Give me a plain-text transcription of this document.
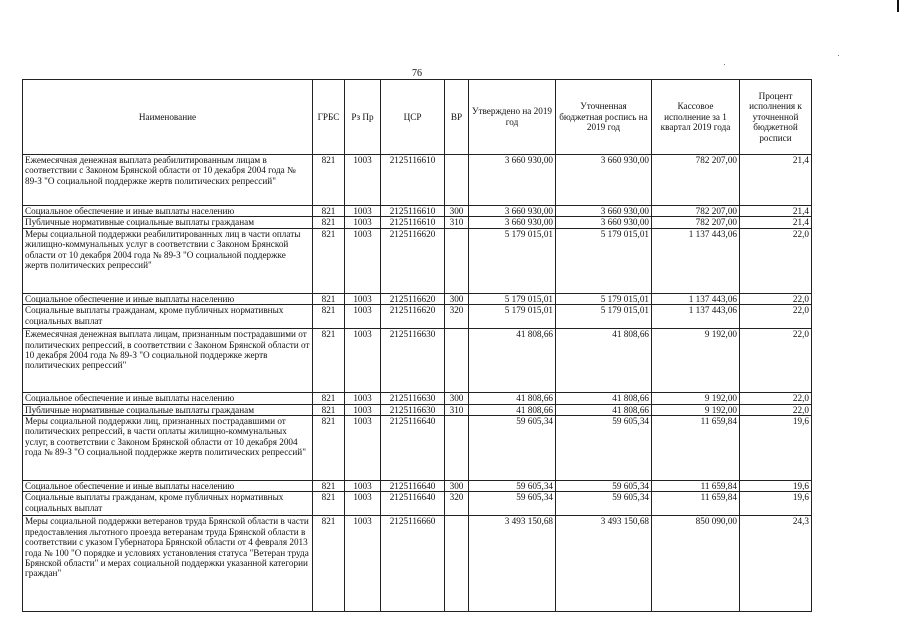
76
Наименование	ГРБС	Рз Пр	ЦСР	ВР	Утверждено на 2019 год	Уточненная бюджетная роспись на 2019 год	Кассовое исполнение за 1 квартал 2019 года	Процент исполнения к уточненной бюджетной росписи
Ежемесячная денежная выплата реабилитированным лицам в соответствии с Законом Брянской области от 10 декабря 2004 года № 89-З "О социальной поддержке жертв политических репрессий"	821	1003	2125116610		3 660 930,00	3 660 930,00	782 207,00	21,4
Социальное обеспечение и иные выплаты населению	821	1003	2125116610	300	3 660 930,00	3 660 930,00	782 207,00	21,4
Публичные нормативные социальные выплаты гражданам	821	1003	2125116610	310	3 660 930,00	3 660 930,00	782 207,00	21,4
Меры социальной поддержки реабилитированных лиц в части оплаты жилищно-коммунальных услуг в соответствии с Законом Брянской области от 10 декабря 2004 года № 89-З "О социальной поддержке жертв политических репрессий"	821	1003	2125116620		5 179 015,01	5 179 015,01	1 137 443,06	22,0
Социальное обеспечение и иные выплаты населению	821	1003	2125116620	300	5 179 015,01	5 179 015,01	1 137 443,06	22,0
Социальные выплаты гражданам, кроме публичных нормативных социальных выплат	821	1003	2125116620	320	5 179 015,01	5 179 015,01	1 137 443,06	22,0
Ежемесячная денежная выплата лицам, признанным пострадавшими от политических репрессий, в соответствии с Законом Брянской области от 10 декабря 2004 года № 89-З "О социальной поддержке жертв политических репрессий"	821	1003	2125116630		41 808,66	41 808,66	9 192,00	22,0
Социальное обеспечение и иные выплаты населению	821	1003	2125116630	300	41 808,66	41 808,66	9 192,00	22,0
Публичные нормативные социальные выплаты гражданам	821	1003	2125116630	310	41 808,66	41 808,66	9 192,00	22,0
Меры социальной поддержки лиц, признанных пострадавшими от политических репрессий, в части оплаты жилищно-коммунальных услуг, в соответствии с Законом Брянской области от 10 декабря 2004 года № 89-З "О социальной поддержке жертв политических репрессий"	821	1003	2125116640		59 605,34	59 605,34	11 659,84	19,6
Социальное обеспечение и иные выплаты населению	821	1003	2125116640	300	59 605,34	59 605,34	11 659,84	19,6
Социальные выплаты гражданам, кроме публичных нормативных социальных выплат	821	1003	2125116640	320	59 605,34	59 605,34	11 659,84	19,6
Меры социальной поддержки ветеранов труда Брянской области в части предоставления льготного проезда ветеранам труда Брянской области в соответствии с указом Губернатора Брянской области от 4 февраля 2013 года № 100 "О порядке и условиях установления статуса "Ветеран труда Брянской области" и мерах социальной поддержки указанной категории граждан"	821	1003	2125116660		3 493 150,68	3 493 150,68	850 090,00	24,3
